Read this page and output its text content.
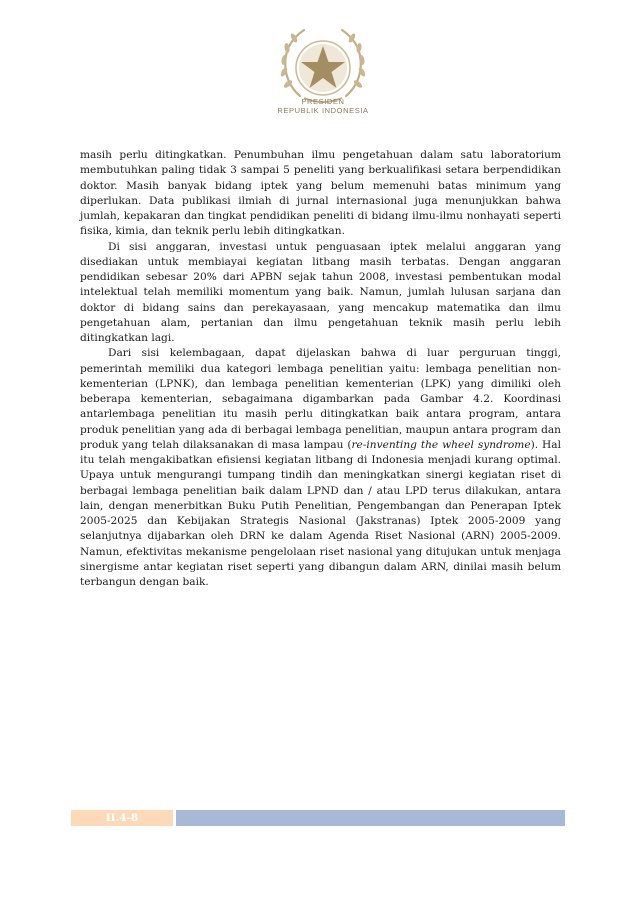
PRESIDEN
REPUBLIK INDONESIA

masih perlu ditingkatkan. Penumbuhan ilmu pengetahuan dalam satu laboratorium membutuhkan paling tidak 3 sampai 5 peneliti yang berkualifikasi setara berpendidikan doktor. Masih banyak bidang iptek yang belum memenuhi batas minimum yang diperlukan. Data publikasi ilmiah di jurnal internasional juga menunjukkan bahwa jumlah, kepakaran dan tingkat pendidikan peneliti di bidang ilmu-ilmu nonhayati seperti fisika, kimia, dan teknik perlu lebih ditingkatkan.

Di sisi anggaran, investasi untuk penguasaan iptek melalui anggaran yang disediakan untuk membiayai kegiatan litbang masih terbatas. Dengan anggaran pendidikan sebesar 20% dari APBN sejak tahun 2008, investasi pembentukan modal intelektual telah memiliki momentum yang baik. Namun, jumlah lulusan sarjana dan doktor di bidang sains dan perekayasaan, yang mencakup matematika dan ilmu pengetahuan alam, pertanian dan ilmu pengetahuan teknik masih perlu lebih ditingkatkan lagi.

Dari sisi kelembagaan, dapat dijelaskan bahwa di luar perguruan tinggi, pemerintah memiliki dua kategori lembaga penelitian yaitu: lembaga penelitian non-kementerian (LPNK), dan lembaga penelitian kementerian (LPK) yang dimiliki oleh beberapa kementerian, sebagaimana digambarkan pada Gambar 4.2. Koordinasi antarlembaga penelitian itu masih perlu ditingkatkan baik antara program, antara produk penelitian yang ada di berbagai lembaga penelitian, maupun antara program dan produk yang telah dilaksanakan di masa lampau (re-inventing the wheel syndrome). Hal itu telah mengakibatkan efisiensi kegiatan litbang di Indonesia menjadi kurang optimal. Upaya untuk mengurangi tumpang tindih dan meningkatkan sinergi kegiatan riset di berbagai lembaga penelitian baik dalam LPND dan / atau LPD terus dilakukan, antara lain, dengan menerbitkan Buku Putih Penelitian, Pengembangan dan Penerapan Iptek 2005-2025 dan Kebijakan Strategis Nasional (Jakstranas) Iptek 2005-2009 yang selanjutnya dijabarkan oleh DRN ke dalam Agenda Riset Nasional (ARN) 2005-2009. Namun, efektivitas mekanisme pengelolaan riset nasional yang ditujukan untuk menjaga sinergisme antar kegiatan riset seperti yang dibangun dalam ARN, dinilai masih belum terbangun dengan baik.

II.4-8
